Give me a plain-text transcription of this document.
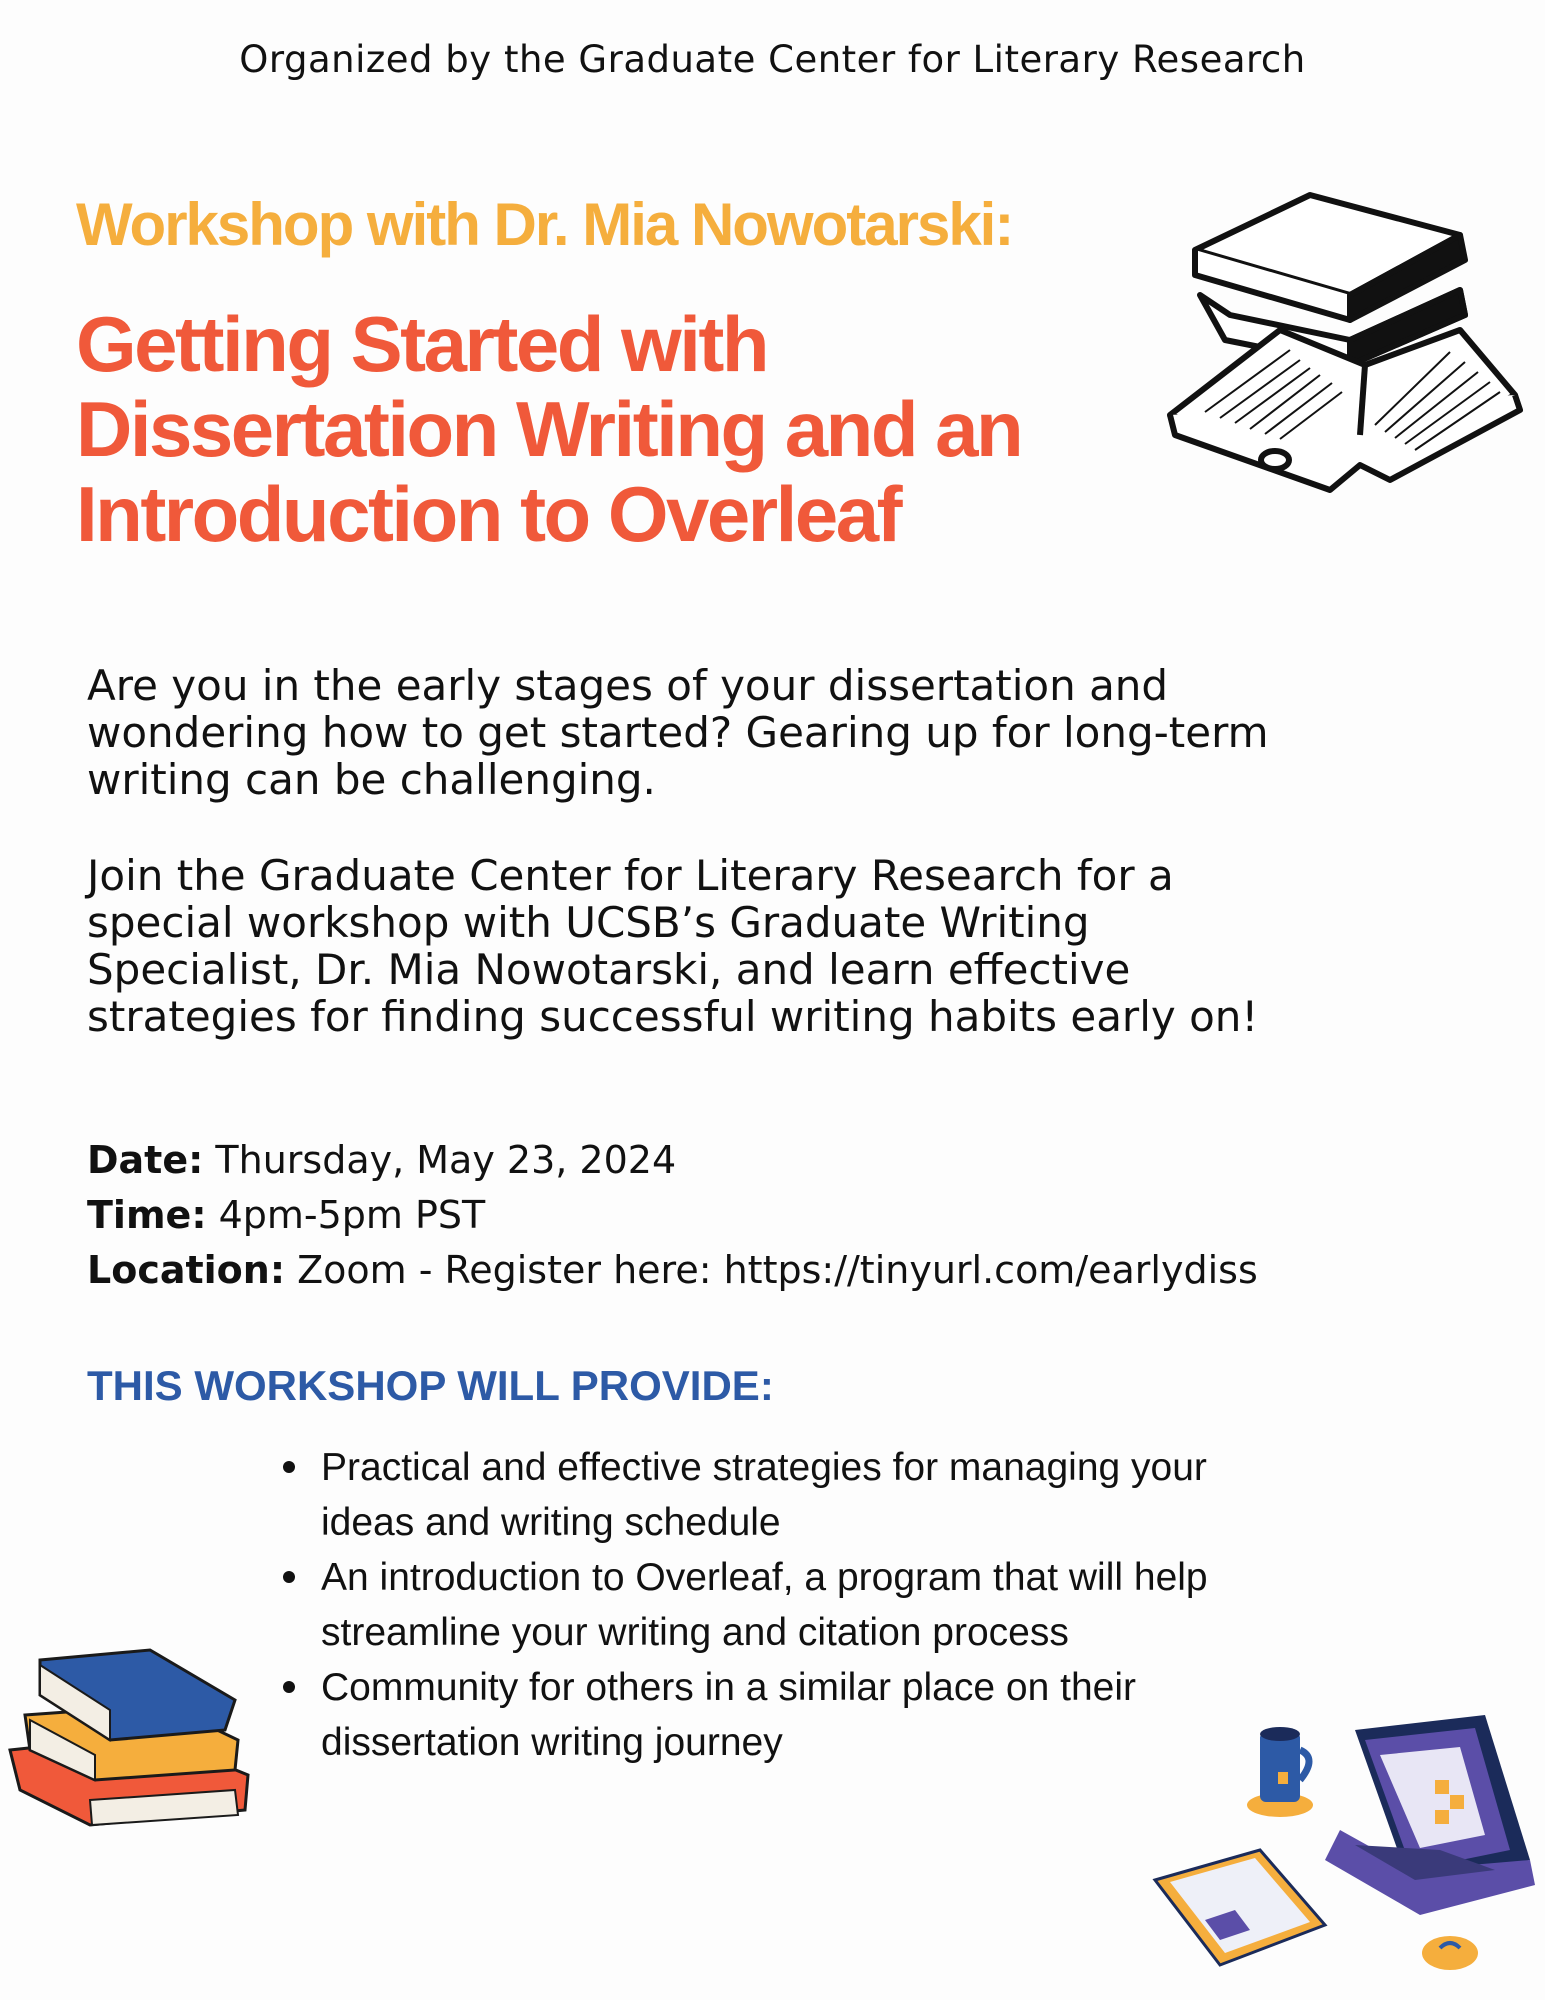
Organized by the Graduate Center for Literary Research
Workshop with Dr. Mia Nowotarski:
Getting Started with
Dissertation Writing and an
Introduction to Overleaf
Are you in the early stages of your dissertation and
wondering how to get started? Gearing up for long-term
writing can be challenging.
Join the Graduate Center for Literary Research for a
special workshop with UCSB’s Graduate Writing
Specialist, Dr. Mia Nowotarski, and learn effective
strategies for finding successful writing habits early on!
Date: Thursday, May 23, 2024
Time: 4pm-5pm PST
Location: Zoom - Register here: https://tinyurl.com/earlydiss
THIS WORKSHOP WILL PROVIDE:
Practical and effective strategies for managing your
ideas and writing schedule
An introduction to Overleaf, a program that will help
streamline your writing and citation process
Community for others in a similar place on their
dissertation writing journey
